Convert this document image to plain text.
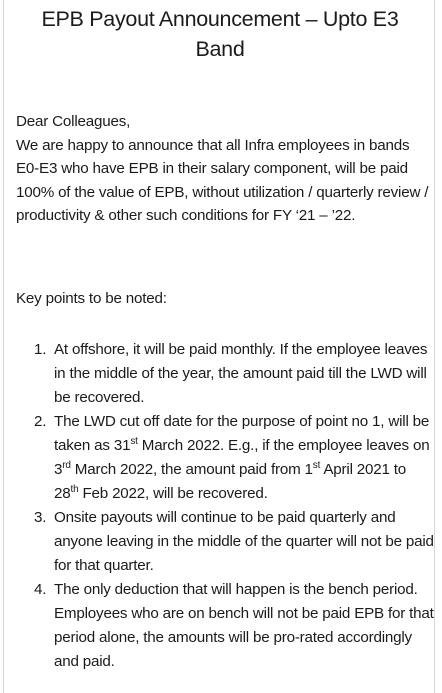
EPB Payout Announcement – Upto E3
Band

Dear Colleagues,

We are happy to announce that all Infra employees in bands E0-E3 who have EPB in their salary component, will be paid 100% of the value of EPB, without utilization / quarterly review / productivity & other such conditions for FY ‘21 – ’22.

Key points to be noted:

1. At offshore, it will be paid monthly. If the employee leaves in the middle of the year, the amount paid till the LWD will be recovered.
2. The LWD cut off date for the purpose of point no 1, will be taken as 31st March 2022. E.g., if the employee leaves on 3rd March 2022, the amount paid from 1st April 2021 to 28th Feb 2022, will be recovered.
3. Onsite payouts will continue to be paid quarterly and anyone leaving in the middle of the quarter will not be paid for that quarter.
4. The only deduction that will happen is the bench period. Employees who are on bench will not be paid EPB for that period alone, the amounts will be pro-rated accordingly and paid.
